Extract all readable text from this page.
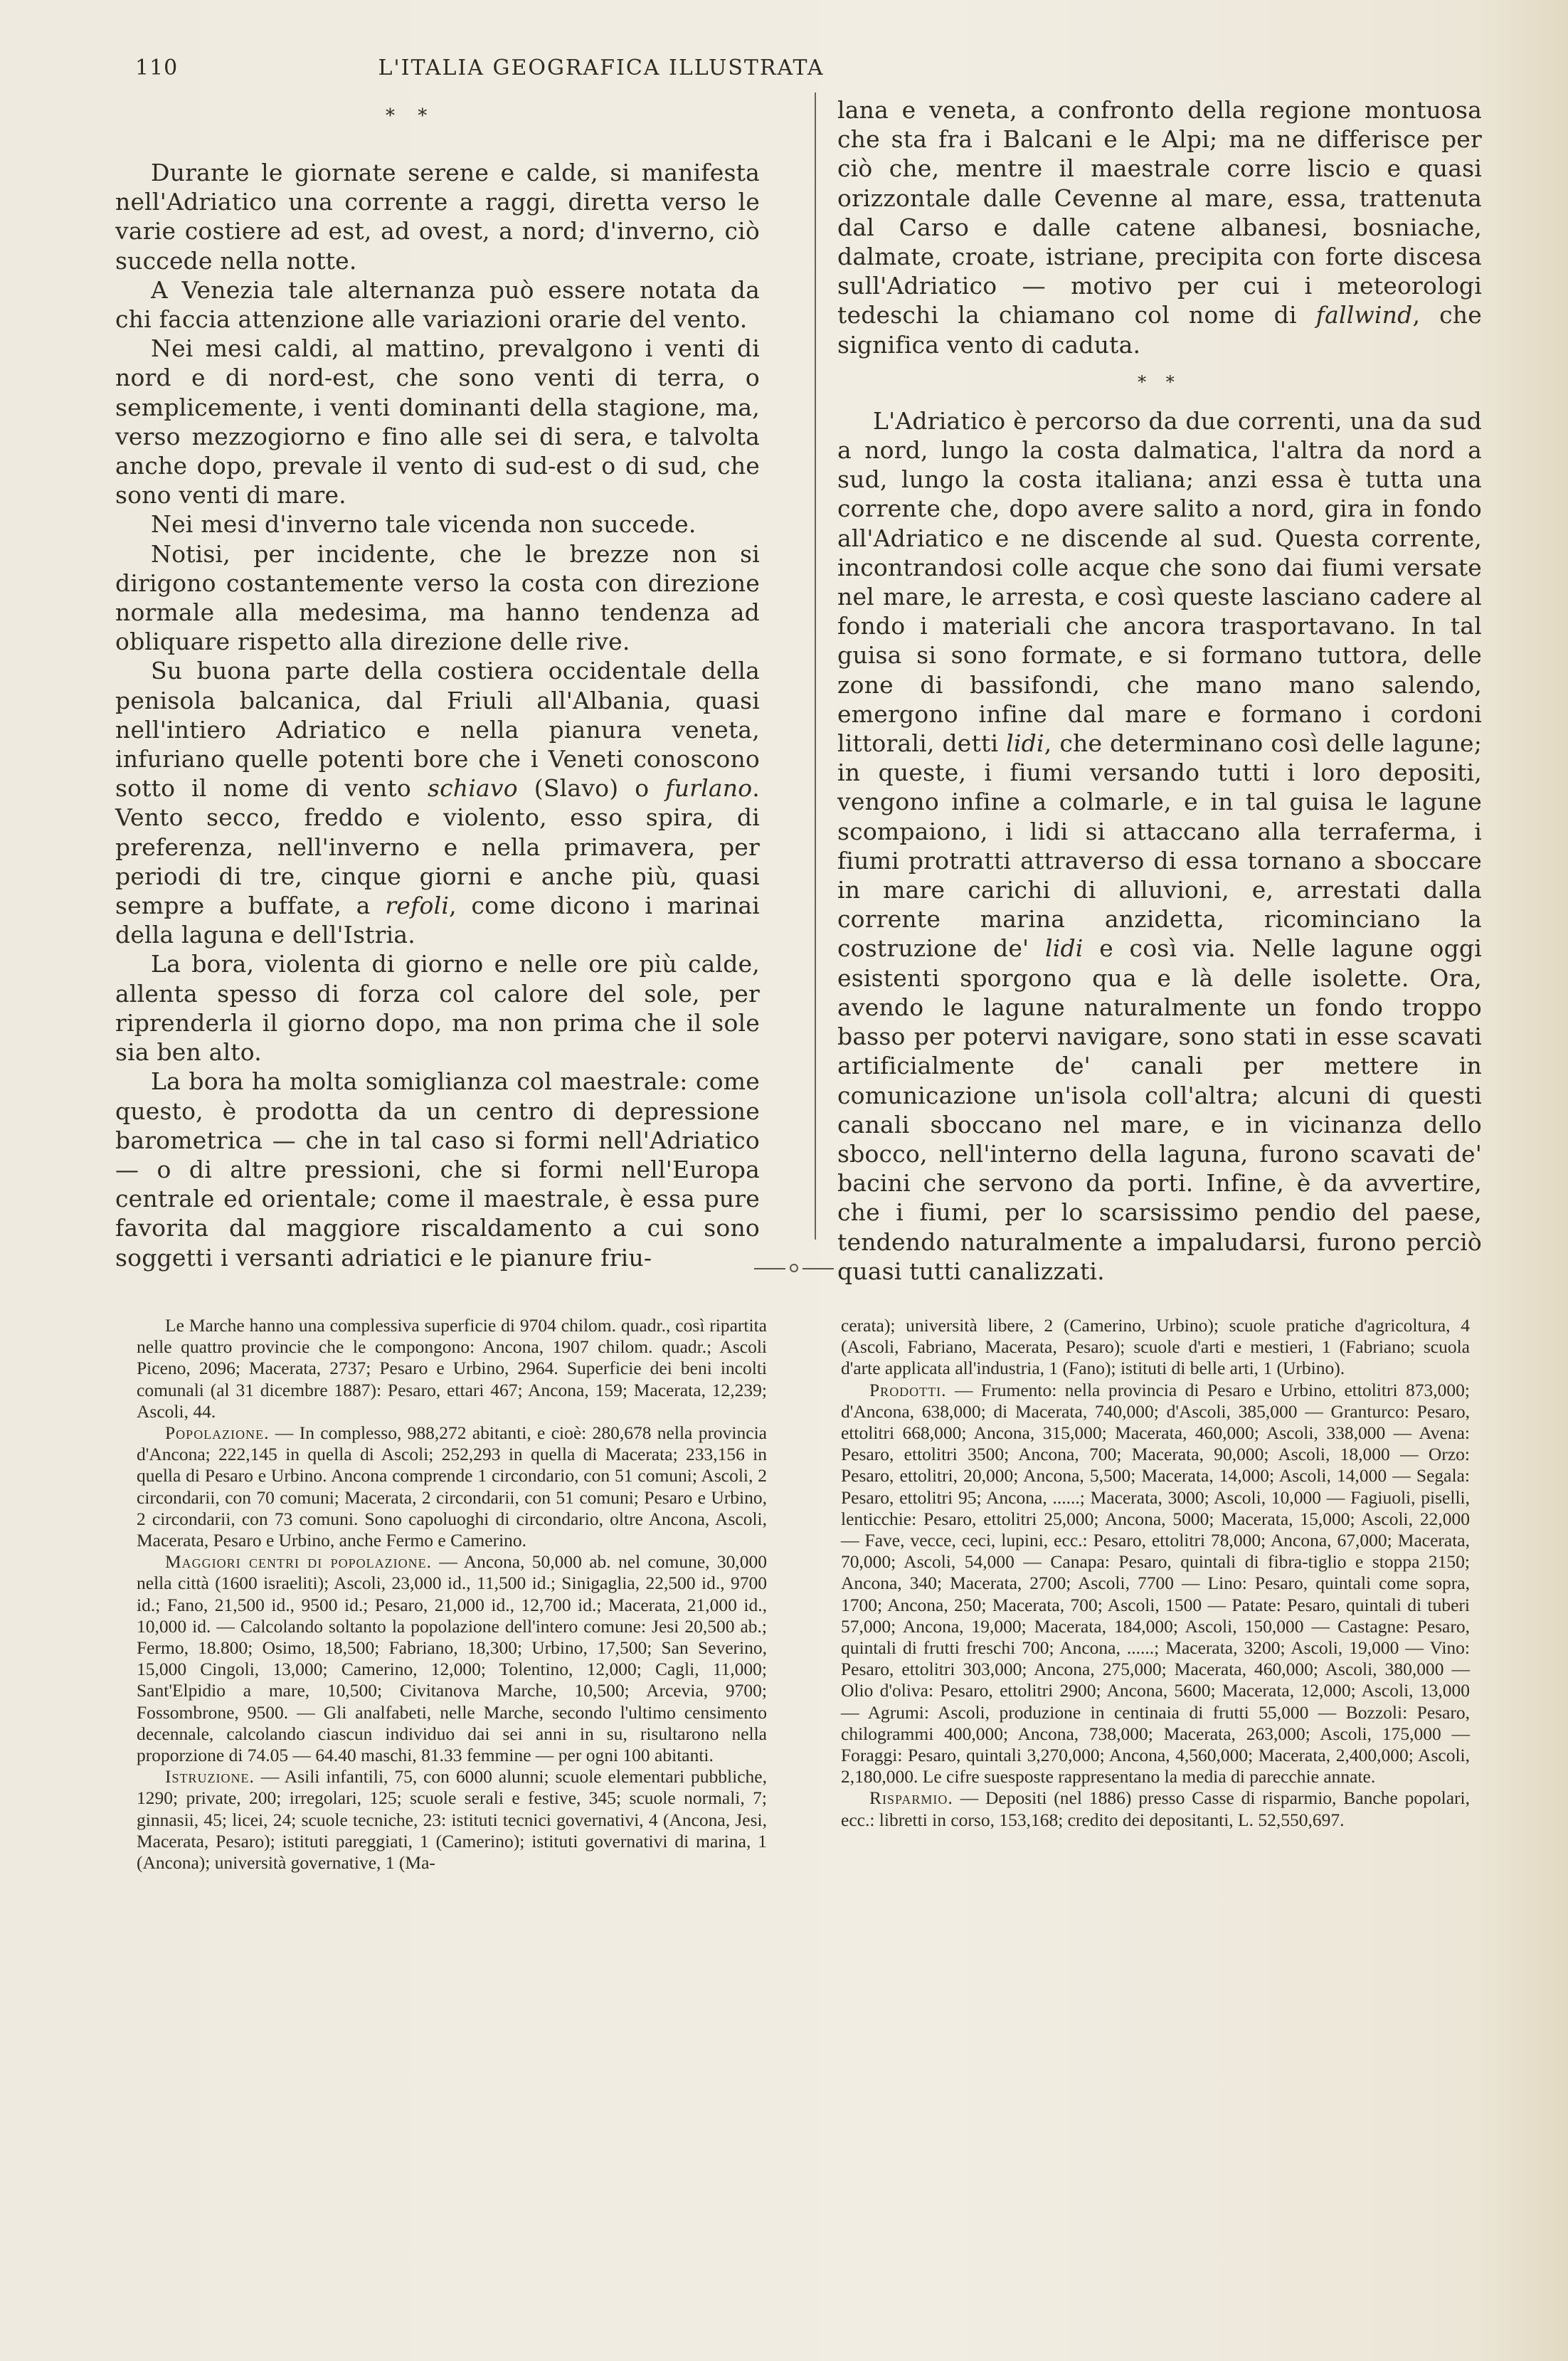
110	L'ITALIA GEOGRAFICA ILLUSTRATA
* *

Durante le giornate serene e calde, si manifesta nell'Adriatico una corrente a raggi, diretta verso le varie costiere ad est, ad ovest, a nord; d'inverno, ciò succede nella notte.

A Venezia tale alternanza può essere notata da chi faccia attenzione alle variazioni orarie del vento.

Nei mesi caldi, al mattino, prevalgono i venti di nord e di nord-est, che sono venti di terra, o semplicemente, i venti dominanti della stagione, ma, verso mezzogiorno e fino alle sei di sera, e talvolta anche dopo, prevale il vento di sud-est o di sud, che sono venti di mare.

Nei mesi d'inverno tale vicenda non succede.

Notisi, per incidente, che le brezze non si dirigono costantemente verso la costa con direzione normale alla medesima, ma hanno tendenza ad obliquare rispetto alla direzione delle rive.

Su buona parte della costiera occidentale della penisola balcanica, dal Friuli all'Albania, quasi nell'intiero Adriatico e nella pianura veneta, infuriano quelle potenti bore che i Veneti conoscono sotto il nome di vento schiavo (Slavo) o furlano. Vento secco, freddo e violento, esso spira, di preferenza, nell'inverno e nella primavera, per periodi di tre, cinque giorni e anche più, quasi sempre a buffate, a refoli, come dicono i marinai della laguna e dell'Istria.

La bora, violenta di giorno e nelle ore più calde, allenta spesso di forza col calore del sole, per riprenderla il giorno dopo, ma non prima che il sole sia ben alto.

La bora ha molta somiglianza col maestrale: come questo, è prodotta da un centro di depressione barometrica — che in tal caso si formi nell'Adriatico — o di altre pressioni, che si formi nell'Europa centrale ed orientale; come il maestrale, è essa pure favorita dal maggiore riscaldamento a cui sono soggetti i versanti adriatici e le pianure friu-

lana e veneta, a confronto della regione montuosa che sta fra i Balcani e le Alpi; ma ne differisce per ciò che, mentre il maestrale corre liscio e quasi orizzontale dalle Cevenne al mare, essa, trattenuta dal Carso e dalle catene albanesi, bosniache, dalmate, croate, istriane, precipita con forte discesa sull'Adriatico — motivo per cui i meteorologi tedeschi la chiamano col nome di fallwind, che significa vento di caduta.

* *

L'Adriatico è percorso da due correnti, una da sud a nord, lungo la costa dalmatica, l'altra da nord a sud, lungo la costa italiana; anzi essa è tutta una corrente che, dopo avere salito a nord, gira in fondo all'Adriatico e ne discende al sud. Questa corrente, incontrandosi colle acque che sono dai fiumi versate nel mare, le arresta, e così queste lasciano cadere al fondo i materiali che ancora trasportavano. In tal guisa si sono formate, e si formano tuttora, delle zone di bassifondi, che mano mano salendo, emergono infine dal mare e formano i cordoni littorali, detti lidi, che determinano così delle lagune; in queste, i fiumi versando tutti i loro depositi, vengono infine a colmarle, e in tal guisa le lagune scompaiono, i lidi si attaccano alla terraferma, i fiumi protratti attraverso di essa tornano a sboccare in mare carichi di alluvioni, e, arrestati dalla corrente marina anzidetta, ricominciano la costruzione de' lidi e così via. Nelle lagune oggi esistenti sporgono qua e là delle isolette. Ora, avendo le lagune naturalmente un fondo troppo basso per potervi navigare, sono stati in esse scavati artificialmente de' canali per mettere in comunicazione un'isola coll'altra; alcuni di questi canali sboccano nel mare, e in vicinanza dello sbocco, nell'interno della laguna, furono scavati de' bacini che servono da porti. Infine, è da avvertire, che i fiumi, per lo scarsissimo pendio del paese, tendendo naturalmente a impaludarsi, furono perciò quasi tutti canalizzati.

Le Marche hanno una complessiva superficie di 9704 chilom. quadr., così ripartita nelle quattro provincie che le compongono: Ancona, 1907 chilom. quadr.; Ascoli Piceno, 2096; Macerata, 2737; Pesaro e Urbino, 2964. Superficie dei beni incolti comunali (al 31 dicembre 1887): Pesaro, ettari 467; Ancona, 159; Macerata, 12,239; Ascoli, 44.

Popolazione. — In complesso, 988,272 abitanti, e cioè: 280,678 nella provincia d'Ancona; 222,145 in quella di Ascoli; 252,293 in quella di Macerata; 233,156 in quella di Pesaro e Urbino. Ancona comprende 1 circondario, con 51 comuni; Ascoli, 2 circondarii, con 70 comuni; Macerata, 2 circondarii, con 51 comuni; Pesaro e Urbino, 2 circondarii, con 73 comuni. Sono capoluoghi di circondario, oltre Ancona, Ascoli, Macerata, Pesaro e Urbino, anche Fermo e Camerino.

Maggiori centri di popolazione. — Ancona, 50,000 ab. nel comune, 30,000 nella città (1600 israeliti); Ascoli, 23,000 id., 11,500 id.; Sinigaglia, 22,500 id., 9700 id.; Fano, 21,500 id., 9500 id.; Pesaro, 21,000 id., 12,700 id.; Macerata, 21,000 id., 10,000 id. — Calcolando soltanto la popolazione dell'intero comune: Jesi 20,500 ab.; Fermo, 18.800; Osimo, 18,500; Fabriano, 18,300; Urbino, 17,500; San Severino, 15,000 Cingoli, 13,000; Camerino, 12,000; Tolentino, 12,000; Cagli, 11,000; Sant'Elpidio a mare, 10,500; Civitanova Marche, 10,500; Arcevia, 9700; Fossombrone, 9500. — Gli analfabeti, nelle Marche, secondo l'ultimo censimento decennale, calcolando ciascun individuo dai sei anni in su, risultarono nella proporzione di 74.05 — 64.40 maschi, 81.33 femmine — per ogni 100 abitanti.

Istruzione. — Asili infantili, 75, con 6000 alunni; scuole elementari pubbliche, 1290; private, 200; irregolari, 125; scuole serali e festive, 345; scuole normali, 7; ginnasii, 45; licei, 24; scuole tecniche, 23: istituti tecnici governativi, 4 (Ancona, Jesi, Macerata, Pesaro); istituti pareggiati, 1 (Camerino); istituti governativi di marina, 1 (Ancona); università governative, 1 (Ma-

cerata); università libere, 2 (Camerino, Urbino); scuole pratiche d'agricoltura, 4 (Ascoli, Fabriano, Macerata, Pesaro); scuole d'arti e mestieri, 1 (Fabriano; scuola d'arte applicata all'industria, 1 (Fano); istituti di belle arti, 1 (Urbino).

Prodotti. — Frumento: nella provincia di Pesaro e Urbino, ettolitri 873,000; d'Ancona, 638,000; di Macerata, 740,000; d'Ascoli, 385,000 — Granturco: Pesaro, ettolitri 668,000; Ancona, 315,000; Macerata, 460,000; Ascoli, 338,000 — Avena: Pesaro, ettolitri 3500; Ancona, 700; Macerata, 90,000; Ascoli, 18,000 — Orzo: Pesaro, ettolitri, 20,000; Ancona, 5,500; Macerata, 14,000; Ascoli, 14,000 — Segala: Pesaro, ettolitri 95; Ancona, ......; Macerata, 3000; Ascoli, 10,000 — Fagiuoli, piselli, lenticchie: Pesaro, ettolitri 25,000; Ancona, 5000; Macerata, 15,000; Ascoli, 22,000 — Fave, vecce, ceci, lupini, ecc.: Pesaro, ettolitri 78,000; Ancona, 67,000; Macerata, 70,000; Ascoli, 54,000 — Canapa: Pesaro, quintali di fibra-tiglio e stoppa 2150; Ancona, 340; Macerata, 2700; Ascoli, 7700 — Lino: Pesaro, quintali come sopra, 1700; Ancona, 250; Macerata, 700; Ascoli, 1500 — Patate: Pesaro, quintali di tuberi 57,000; Ancona, 19,000; Macerata, 184,000; Ascoli, 150,000 — Castagne: Pesaro, quintali di frutti freschi 700; Ancona, ......; Macerata, 3200; Ascoli, 19,000 — Vino: Pesaro, ettolitri 303,000; Ancona, 275,000; Macerata, 460,000; Ascoli, 380,000 — Olio d'oliva: Pesaro, ettolitri 2900; Ancona, 5600; Macerata, 12,000; Ascoli, 13,000 — Agrumi: Ascoli, produzione in centinaia di frutti 55,000 — Bozzoli: Pesaro, chilogrammi 400,000; Ancona, 738,000; Macerata, 263,000; Ascoli, 175,000 — Foraggi: Pesaro, quintali 3,270,000; Ancona, 4,560,000; Macerata, 2,400,000; Ascoli, 2,180,000. Le cifre suesposte rappresentano la media di parecchie annate.

Risparmio. — Depositi (nel 1886) presso Casse di risparmio, Banche popolari, ecc.: libretti in corso, 153,168; credito dei depositanti, L. 52,550,697.
